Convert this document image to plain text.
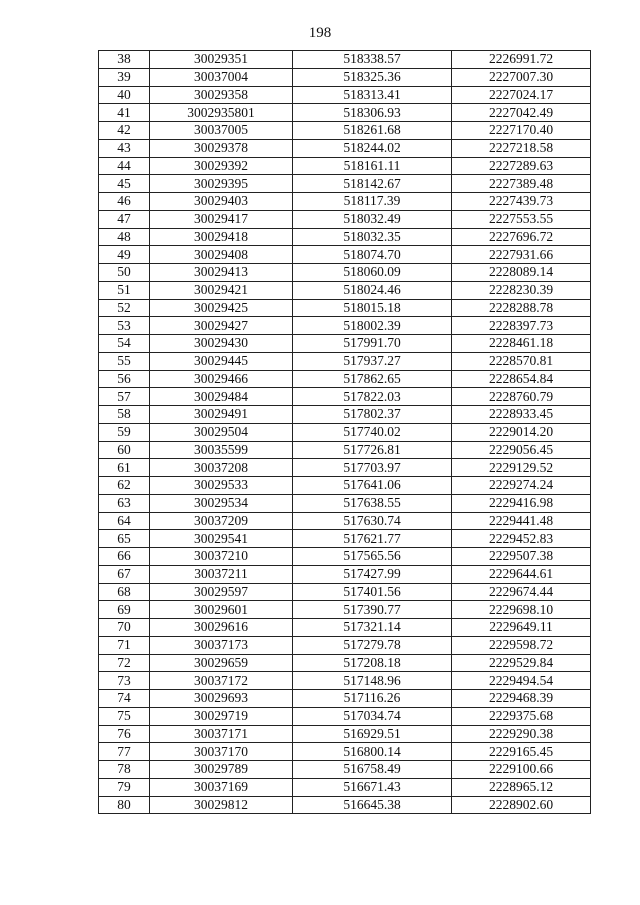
198
38	30029351	518338.57	2226991.72
39	30037004	518325.36	2227007.30
40	30029358	518313.41	2227024.17
41	3002935801	518306.93	2227042.49
42	30037005	518261.68	2227170.40
43	30029378	518244.02	2227218.58
44	30029392	518161.11	2227289.63
45	30029395	518142.67	2227389.48
46	30029403	518117.39	2227439.73
47	30029417	518032.49	2227553.55
48	30029418	518032.35	2227696.72
49	30029408	518074.70	2227931.66
50	30029413	518060.09	2228089.14
51	30029421	518024.46	2228230.39
52	30029425	518015.18	2228288.78
53	30029427	518002.39	2228397.73
54	30029430	517991.70	2228461.18
55	30029445	517937.27	2228570.81
56	30029466	517862.65	2228654.84
57	30029484	517822.03	2228760.79
58	30029491	517802.37	2228933.45
59	30029504	517740.02	2229014.20
60	30035599	517726.81	2229056.45
61	30037208	517703.97	2229129.52
62	30029533	517641.06	2229274.24
63	30029534	517638.55	2229416.98
64	30037209	517630.74	2229441.48
65	30029541	517621.77	2229452.83
66	30037210	517565.56	2229507.38
67	30037211	517427.99	2229644.61
68	30029597	517401.56	2229674.44
69	30029601	517390.77	2229698.10
70	30029616	517321.14	2229649.11
71	30037173	517279.78	2229598.72
72	30029659	517208.18	2229529.84
73	30037172	517148.96	2229494.54
74	30029693	517116.26	2229468.39
75	30029719	517034.74	2229375.68
76	30037171	516929.51	2229290.38
77	30037170	516800.14	2229165.45
78	30029789	516758.49	2229100.66
79	30037169	516671.43	2228965.12
80	30029812	516645.38	2228902.60
